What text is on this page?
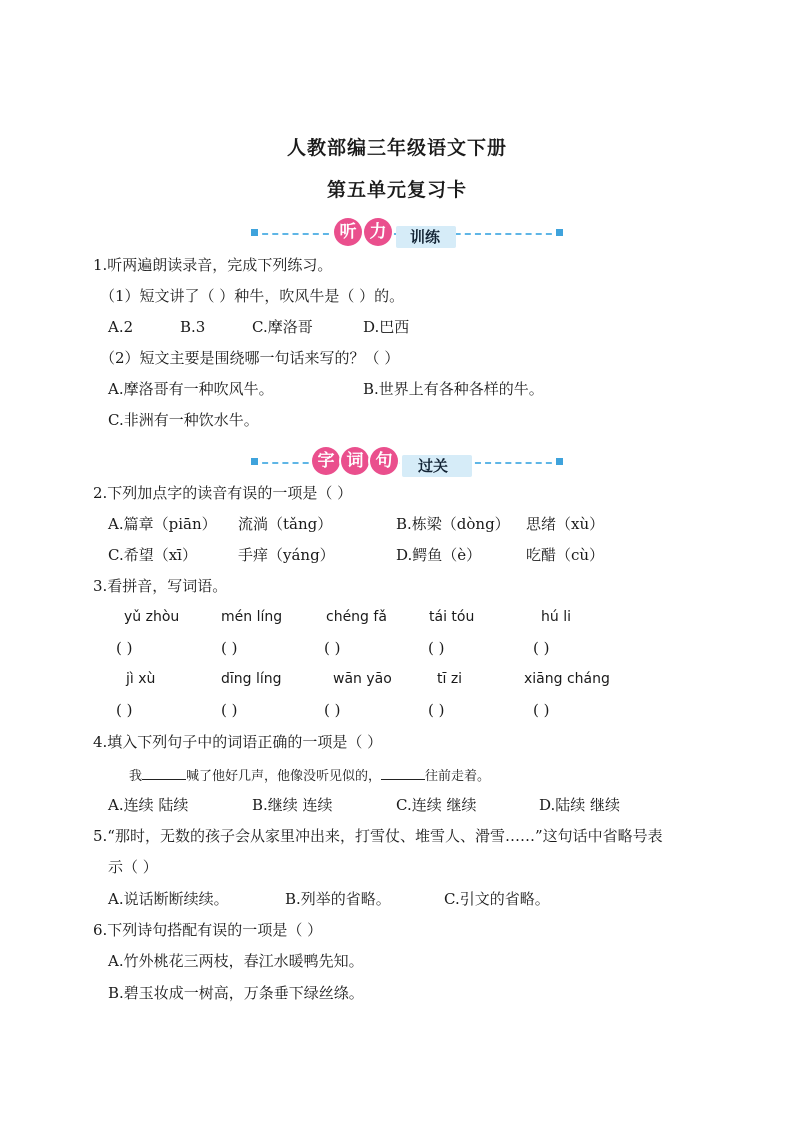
人教部编三年级语文下册
第五单元复习卡
听 力	训练
1.听两遍朗读录音，完成下列练习。
（1）短文讲了（ ）种牛，吹风牛是（ ）的。
A.2	B.3	C.摩洛哥	D.巴西
（2）短文主要是围绕哪一句话来写的？（ ）
A.摩洛哥有一种吹风牛。	B.世界上有各种各样的牛。
C.非洲有一种饮水牛。
字 词 句	过关
2.下列加点字的读音有误的一项是（ ）
A.篇章（piān） 流淌（tǎng）	B.栋梁（dòng） 思绪（xù）
C.希望（xī）	手痒（yáng）	D.鳄鱼（è）	吃醋（cù）
3.看拼音，写词语。
yǔ zhòu	mén líng	chéng fǎ	tái tóu	hú li
( )	( )	( )	( )	( )
jì xù	dīng líng	wān yāo	tī zi	xiāng cháng
( )	( )	( )	( )	( )
4.填入下列句子中的词语正确的一项是（ ）
我	喊了他好几声，他像没听见似的，	往前走着。
A.连续 陆续	B.继续 连续	C.连续 继续	D.陆续 继续
5.“那时，无数的孩子会从家里冲出来，打雪仗、堆雪人、滑雪……”这句话中省略号表
示（ ）
A.说话断断续续。	B.列举的省略。	C.引文的省略。
6.下列诗句搭配有误的一项是（ ）
A.竹外桃花三两枝，春江水暖鸭先知。
B.碧玉妆成一树高，万条垂下绿丝绦。
